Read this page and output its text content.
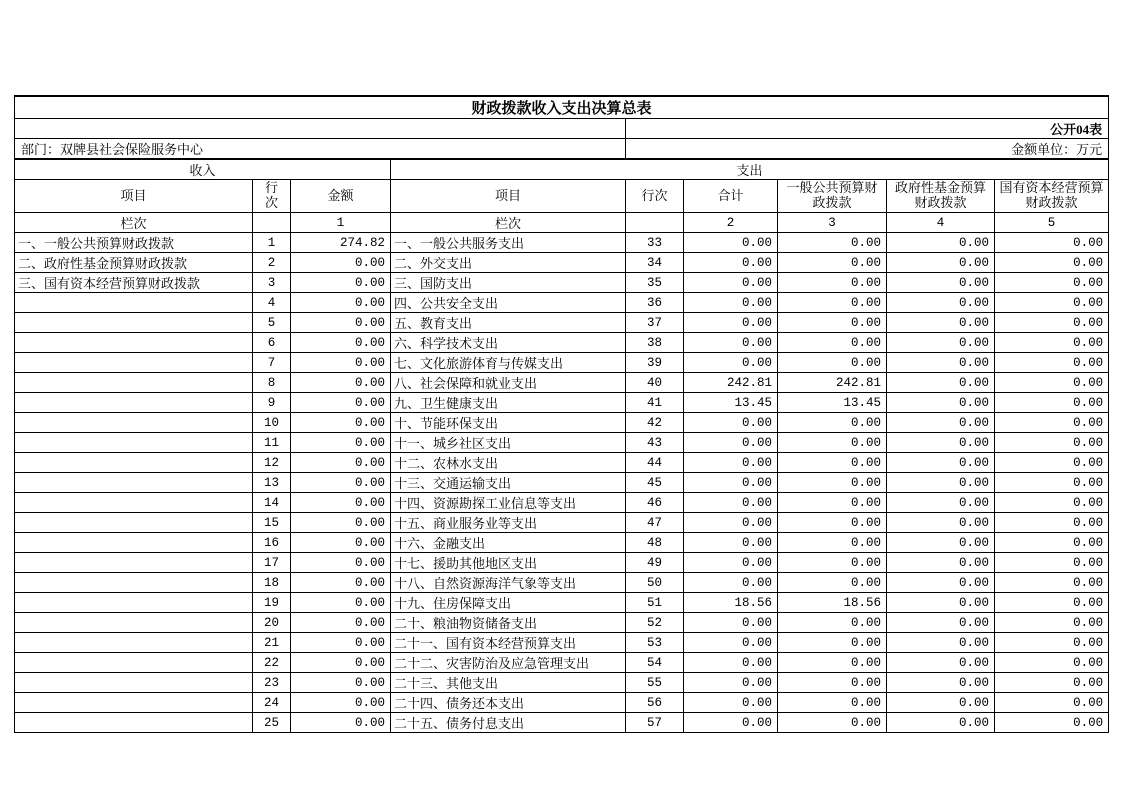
财政拨款收入支出决算总表								
				公开04表				
部门：双牌县社会保险服务中心				金额单位：万元				
收入			支出					
项目	行次	金额	项目	行次	合计	一般公共预算财政拨款	政府性基金预算财政拨款	国有资本经营预算财政拨款
栏次		1	栏次		2	3	4	5
一、一般公共预算财政拨款	1	274.82	一、一般公共服务支出	33	0.00	0.00	0.00	0.00
二、政府性基金预算财政拨款	2	0.00	二、外交支出	34	0.00	0.00	0.00	0.00
三、国有资本经营预算财政拨款	3	0.00	三、国防支出	35	0.00	0.00	0.00	0.00
	4	0.00	四、公共安全支出	36	0.00	0.00	0.00	0.00
	5	0.00	五、教育支出	37	0.00	0.00	0.00	0.00
	6	0.00	六、科学技术支出	38	0.00	0.00	0.00	0.00
	7	0.00	七、文化旅游体育与传媒支出	39	0.00	0.00	0.00	0.00
	8	0.00	八、社会保障和就业支出	40	242.81	242.81	0.00	0.00
	9	0.00	九、卫生健康支出	41	13.45	13.45	0.00	0.00
	10	0.00	十、节能环保支出	42	0.00	0.00	0.00	0.00
	11	0.00	十一、城乡社区支出	43	0.00	0.00	0.00	0.00
	12	0.00	十二、农林水支出	44	0.00	0.00	0.00	0.00
	13	0.00	十三、交通运输支出	45	0.00	0.00	0.00	0.00
	14	0.00	十四、资源勘探工业信息等支出	46	0.00	0.00	0.00	0.00
	15	0.00	十五、商业服务业等支出	47	0.00	0.00	0.00	0.00
	16	0.00	十六、金融支出	48	0.00	0.00	0.00	0.00
	17	0.00	十七、援助其他地区支出	49	0.00	0.00	0.00	0.00
	18	0.00	十八、自然资源海洋气象等支出	50	0.00	0.00	0.00	0.00
	19	0.00	十九、住房保障支出	51	18.56	18.56	0.00	0.00
	20	0.00	二十、粮油物资储备支出	52	0.00	0.00	0.00	0.00
	21	0.00	二十一、国有资本经营预算支出	53	0.00	0.00	0.00	0.00
	22	0.00	二十二、灾害防治及应急管理支出	54	0.00	0.00	0.00	0.00
	23	0.00	二十三、其他支出	55	0.00	0.00	0.00	0.00
	24	0.00	二十四、债务还本支出	56	0.00	0.00	0.00	0.00
	25	0.00	二十五、债务付息支出	57	0.00	0.00	0.00	0.00
